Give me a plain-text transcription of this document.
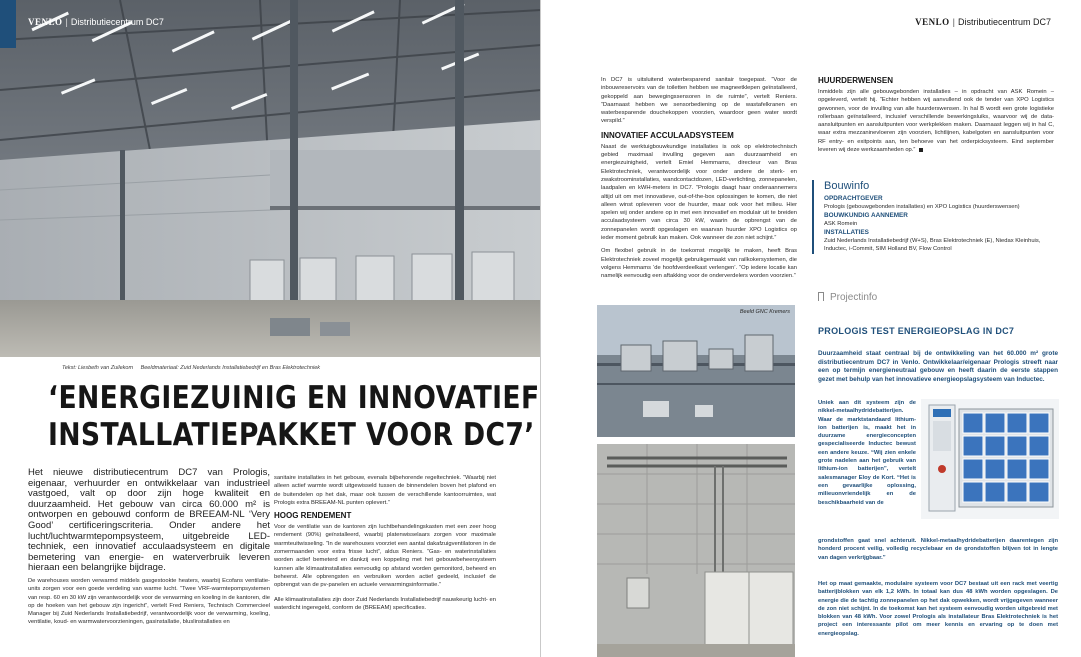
VENLO | Distributiecentrum DC7
Tekst: Liesbeth van Zuilekom Beeldmateriaal: Zuid Nederlands Installatiebedrijf en Bras Elektrotechniek
‘ENERGIEZUINIG EN INNOVATIEF
INSTALLATIEPAKKET VOOR DC7’
Het nieuwe distributiecentrum DC7 van Prologis, eigenaar, verhuurder en ontwikkelaar van industrieel vastgoed, valt op door zijn hoge kwaliteit en duurzaamheid. Het gebouw van circa 60.000 m² is ontworpen en gebouwd conform de BREEAM-NL ‘Very Good’ certificeringscriteria. Onder andere het lucht/luchtwarmtepompsysteem, uitgebreide LED-techniek, een innovatief acculaadsysteem en digitale bemetering van energie- en waterverbruik leveren hieraan een belangrijke bijdrage.

De warehouses worden verwarmd middels gasgestookte heaters, waarbij Ecofans ventilatie-units zorgen voor een goede verdeling van warme lucht. “Twee VRF-warmtepompsystemen van resp. 60 en 30 kW zijn verantwoordelijk voor de verwarming en koeling in de kantoren, die op de hoeken van het gebouw zijn ingericht”, vertelt Fred Reniers, Technisch Commercieel Manager bij Zuid Nederlands Installatiebedrijf, verantwoordelijk voor de verwarming, koeling, ventilatie, koud- en warmwatervoorzieningen, gasinstallatie, bluslinstallaties en

sanitaire installaties in het gebouw, evenals bijbehorende regeltechniek. “Waarbij niet alleen actief warmte wordt uitgewisseld tussen de binnendelen boven het plafond en de buitendelen op het dak, maar ook tussen de verschillende kantoorruimtes, wat Prologis extra BREEAM-NL punten oplevert.”

HOOG RENDEMENT

Voor de ventilatie van de kantoren zijn luchtbehandelingskasten met een zeer hoog rendement (90%) geïnstalleerd, waarbij platenwisselaars zorgen voor maximale warmteuitwisseling. “In de warehouses voorziet een aantal dakafzuigventilatoren in de zomermaanden voor extra frisse lucht”, aldus Reniers. “Gas- en waterinstallaties worden actief bemeterd en dankzij een koppeling met het gebouwbeheersysteem kunnen alle klimaatinstallaties eenvoudig op afstand worden gemonitord, beheerd en beheerst. Alle opbrengsten en verbruiken worden actief gedeeld, inclusief de opbrengst van de pv-panelen en actuele verwarmingsinformatie.”

Alle klimaatinstallaties zijn door Zuid Nederlands Installatiebedrijf nauwkeurig lucht- en waterdicht ingeregeld, conform de (BREEAM) specificaties.

VENLO | Distributiecentrum DC7

In DC7 is uitsluitend waterbesparend sanitair toegepast. “Voor de inbouwreservoirs van de toiletten hebben we magneetklepen geïnstalleerd, gekoppeld aan bewegingssensoren in de ruimte”, vertelt Reniers. “Daarnaast hebben we sensorbediening op de wastafelkranen en waterbesparende douchekoppen voorzien, waardoor geen water wordt verspild.”

INNOVATIEF ACCULAADSYSTEEM

Naast de werktuigbouwkundige installaties is ook op elektrotechnisch gebied maximaal invulling gegeven aan duurzaamheid en energiezuinigheid, vertelt Emiel Hemmams, directeur van Bras Elektrotechniek, verantwoordelijk voor onder andere de sterk- en zwakstroominstallaties, wandcontactdozen, LED-verlichting, zonnepanelen, laadpalen en kWH-meters in DC7. “Prologis daagt haar onderaannemers altijd uit om met innovatieve, out-of-the-box oplossingen te komen, die niet alleen winst opleveren voor de huurder, maar ook voor het milieu. Hier spelen wij onder andere op in met een innovatief en modulair uit te breiden acculaadsysteem van circa 30 kW, waarin de opbrengst van de zonnepanelen wordt opgeslagen en waarvan huurder XPO Logistics op ieder moment gebruik kan maken. Ook wanneer de zon niet schijnt.”

Om flexibel gebruik in de toekomst mogelijk te maken, heeft Bras Elektrotechniek zoveel mogelijk gebruikgemaakt van railkokersystemen, die volgens Hemmams ‘de hoofdverdeelkast verlengen’. “Op iedere locatie kan namelijk eenvoudig een aftakking voor de onderverdelers worden voorzien.”

HUURDERWENSEN

Inmiddels zijn alle gebouwgebonden installaties – in opdracht van ASK Romein – opgeleverd, vertelt hij. “Echter hebben wij aanvullend ook de tender van XPO Logistics gewonnen, voor de invulling van alle huurderswensen. In hal B wordt een grote logistieke rollerbaan geïnstalleerd, inclusief verschillende bewerkingsluiks, waarvoor wij de data-aansluitpunten en aansluitpunten voor werkplekken maken. Daarnaast leggen wij in hal C, waar extra mezzaninevloeren zijn voorzien, lichtlijnen, kabelgoten en aansluitpunten voor RF entry- en exitpoints aan, ten behoeve van het orderpicksysteem. Eind september leveren wij deze werkzaamheden op.”

Bouwinfo
OPDRACHTGEVER
Prologis (gebouwgebonden installaties) en XPO Logistics (huurderswensen)
BOUWKUNDIG AANNEMER
ASK Romein
INSTALLATIES
Zuid Nederlands Installatiebedrijf (W+S), Bras Elektrotechniek (E), Niedax Kleinhuis, Inductec, i-Commit, SIM Holland BV, Flow Control
Projectinfo
PROLOGIS TEST ENERGIEOPSLAG IN DC7
Duurzaamheid staat centraal bij de ontwikkeling van het 60.000 m² grote distributiecentrum DC7 in Venlo. Ontwikkelaar/eigenaar Prologis streeft naar een op termijn energieneutraal gebouw en heeft daarin de eerste stappen gezet met behulp van het innovatieve energieopslagsysteem van Inductec.
Uniek aan dit systeem zijn de nikkel-metaalhydridebatterijen. Waar de marktstandaard lithium-ion batterijen is, maakt het in duurzame energieconcepten gespecialiseerde Inductec bewust een andere keuze. “Wij zien enkele grote nadelen aan het gebruik van lithium-ion batterijen”, vertelt salesmanager Eloy de Kort. “Het is een gevaarlijke oplossing, milieuonvriendelijk en de beschikbaarheid van de
grondstoffen gaat snel achteruit. Nikkel-metaalhydridebatterijen daarentegen zijn honderd procent veilig, volledig recyclebaar en de grondstoffen blijven tot in lengte van dagen verkrijgbaar.”
Het op maat gemaakte, modulaire systeem voor DC7 bestaat uit een rack met veertig batterijblokken van elk 1,2 kWh. In totaal kan dus 48 kWh worden opgeslagen. De energie die de tachtig zonnepanelen op het dak opwekken, wordt vrijgegeven wanneer de zon niet schijnt. In de toekomst kan het systeem eenvoudig worden uitgebreid met blokken van 48 kWh. Voor zowel Prologis als installateur Bras Elektrotechniek is het project een interessante pilot om meer kennis en ervaring op te doen met energieopslag.
Beeld GNC Kremers
